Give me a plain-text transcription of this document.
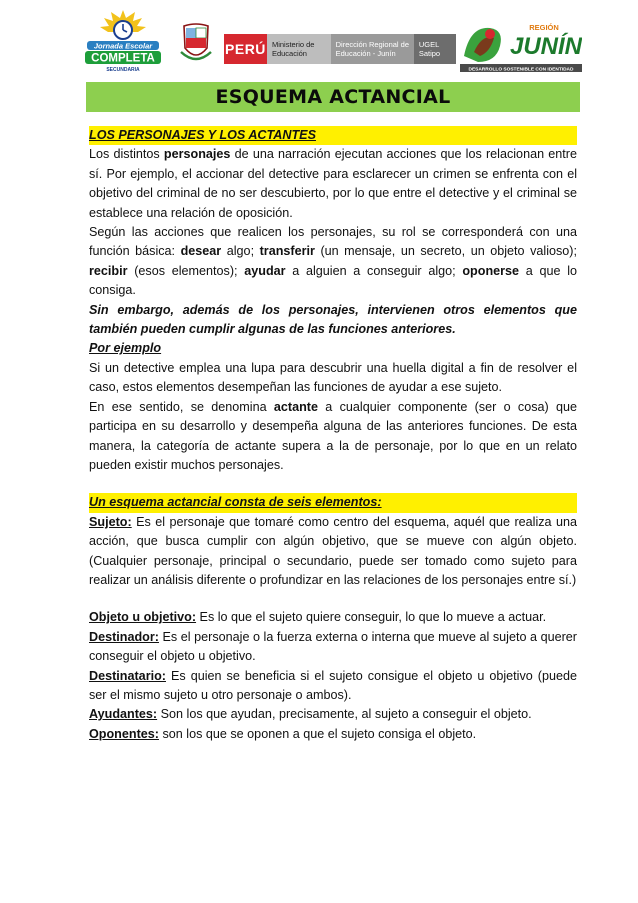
Jornada Escolar
COMPLETA
SECUNDARIA
PERÚ Ministerio de Educación
Dirección Regional de Educación - Junín
UGEL Satipo
REGIÓN
JUNÍN
DESARROLLO SOSTENIBLE CON IDENTIDAD
ESQUEMA ACTANCIAL

LOS PERSONAJES Y LOS ACTANTES

Los distintos personajes de una narración ejecutan acciones que los relacionan entre sí. Por ejemplo, el accionar del detective para esclarecer un crimen se enfrenta con el objetivo del criminal de no ser descubierto, por lo que entre el detective y el criminal se establece una relación de oposición.

Según las acciones que realicen los personajes, su rol se corresponderá con una función básica: desear algo; transferir (un mensaje, un secreto, un objeto valioso); recibir (esos elementos); ayudar a alguien a conseguir algo; oponerse a que lo consiga.

Sin embargo, además de los personajes, intervienen otros elementos que también pueden cumplir algunas de las funciones anteriores.

Por ejemplo

Si un detective emplea una lupa para descubrir una huella digital a fin de resolver el caso, estos elementos desempeñan las funciones de ayudar a ese sujeto.

En ese sentido, se denomina actante a cualquier componente (ser o cosa) que participa en su desarrollo y desempeña alguna de las anteriores funciones. De esta manera, la categoría de actante supera a la de personaje, por lo que en un relato pueden existir muchos personajes.

Un esquema actancial consta de seis elementos:

Sujeto: Es el personaje que tomaré como centro del esquema, aquél que realiza una acción, que busca cumplir con algún objetivo, que se mueve con algún objeto. (Cualquier personaje, principal o secundario, puede ser tomado como sujeto para realizar un análisis diferente o profundizar en las relaciones de los personajes entre sí.)

Objeto u objetivo: Es lo que el sujeto quiere conseguir, lo que lo mueve a actuar.

Destinador: Es el personaje o la fuerza externa o interna que mueve al sujeto a querer conseguir el objeto u objetivo.

Destinatario: Es quien se beneficia si el sujeto consigue el objeto u objetivo (puede ser el mismo sujeto u otro personaje o ambos).

Ayudantes: Son los que ayudan, precisamente, al sujeto a conseguir el objeto.

Oponentes: son los que se oponen a que el sujeto consiga el objeto.
